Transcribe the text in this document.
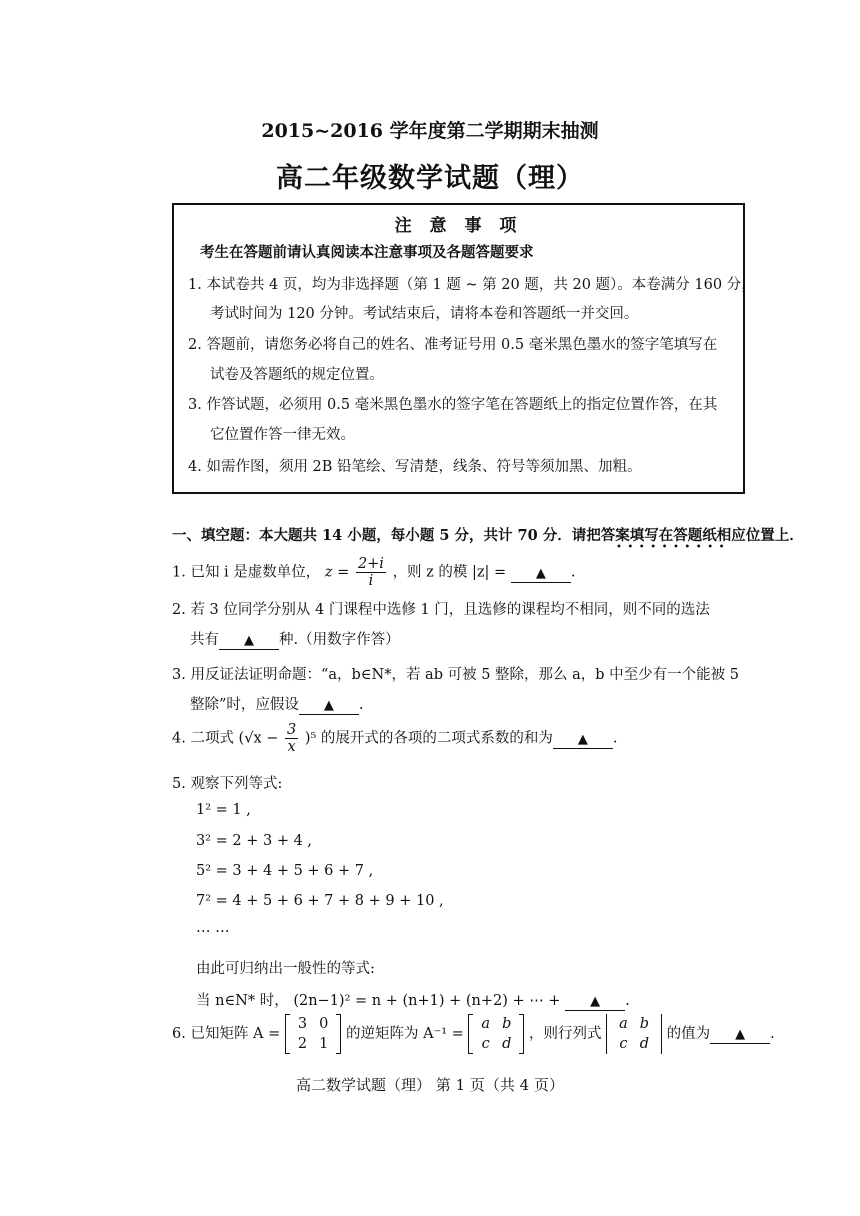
2015~2016 学年度第二学期期末抽测
高二年级数学试题（理）
注 意 事 项
考生在答题前请认真阅读本注意事项及各题答题要求
1. 本试卷共 4 页，均为非选择题（第 1 题 ~ 第 20 题，共 20 题）。本卷满分 160 分，
考试时间为 120 分钟。考试结束后，请将本卷和答题纸一并交回。
2. 答题前，请您务必将自己的姓名、准考证号用 0.5 毫米黑色墨水的签字笔填写在
试卷及答题纸的规定位置。
3. 作答试题，必须用 0.5 毫米黑色墨水的签字笔在答题纸上的指定位置作答，在其
它位置作答一律无效。
4. 如需作图，须用 2B 铅笔绘、写清楚，线条、符号等须加黑、加粗。
一、填空题：本大题共 14 小题，每小题 5 分，共计 70 分．请把答案填写在答题纸相应位置上．
••••••••••
1. 已知 i 是虚数单位， $z = \frac{2+i}{i}$ ，则 z 的模 |z| = ▲ .
2. 若 3 位同学分别从 4 门课程中选修 1 门，且选修的课程均不相同，则不同的选法
共有 ▲ 种.（用数字作答）
3. 用反证法证明命题：“a，b∈N*，若 ab 可被 5 整除，那么 a，b 中至少有一个能被 5
整除”时，应假设 ▲ .
4. 二项式 $(√x - \frac{3}{x} )^5$ 的展开式的各项的二项式系数的和为 ▲ .
5. 观察下列等式:
1² = 1 ,
3² = 2 + 3 + 4 ,
5² = 3 + 4 + 5 + 6 + 7 ,
7² = 4 + 5 + 6 + 7 + 8 + 9 + 10 ,
… …
由此可归纳出一般性的等式:
当 n∈N* 时， (2n−1)² = n + (n+1) + (n+2) + ⋯ + ▲ .
6. 已知矩阵 A =
3	0
2	1
的逆矩阵为 A⁻¹ =
a	b
c	d
，则行列式
a	b
c	d
的值为 ▲ .
高二数学试题（理） 第 1 页（共 4 页）
